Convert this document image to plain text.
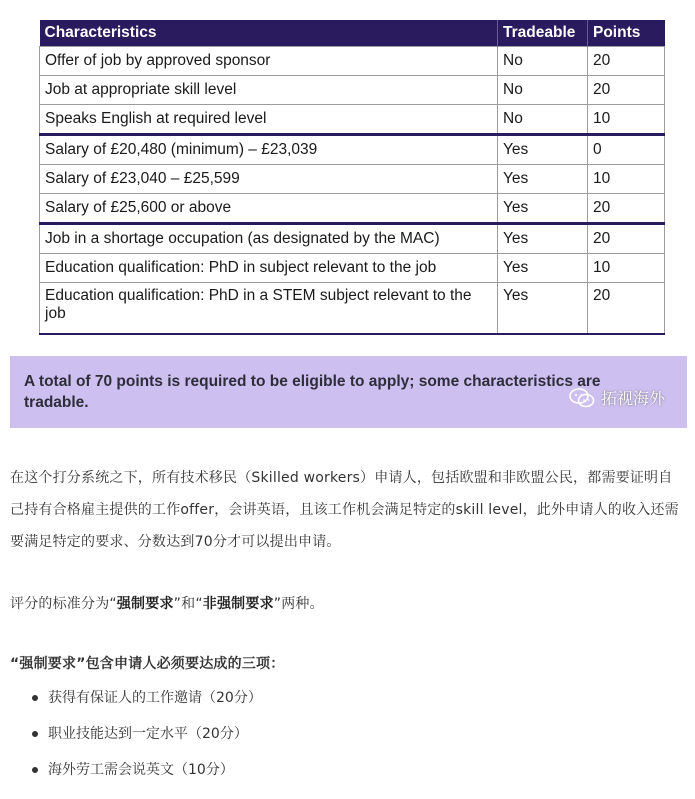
Characteristics	Tradeable	Points
Offer of job by approved sponsor	No	20
Job at appropriate skill level	No	20
Speaks English at required level	No	10
Salary of £20,480 (minimum) – £23,039	Yes	0
Salary of £23,040 – £25,599	Yes	10
Salary of £25,600 or above	Yes	20
Job in a shortage occupation (as designated by the MAC)	Yes	20
Education qualification: PhD in subject relevant to the job	Yes	10
Education qualification: PhD in a STEM subject relevant to the job	Yes	20
A total of 70 points is required to be eligible to apply; some characteristics are tradable.	拓视海外

在这个打分系统之下，所有技术移民（Skilled workers）申请人，包括欧盟和非欧盟公民，都需要证明自己持有合格雇主提供的工作offer，会讲英语，且该工作机会满足特定的skill level，此外申请人的收入还需要满足特定的要求、分数达到70分才可以提出申请。

评分的标准分为“强制要求”和“非强制要求”两种。

“强制要求”包含申请人必须要达成的三项：

获得有保证人的工作邀请（20分）
职业技能达到一定水平（20分）
海外劳工需会说英文（10分）
